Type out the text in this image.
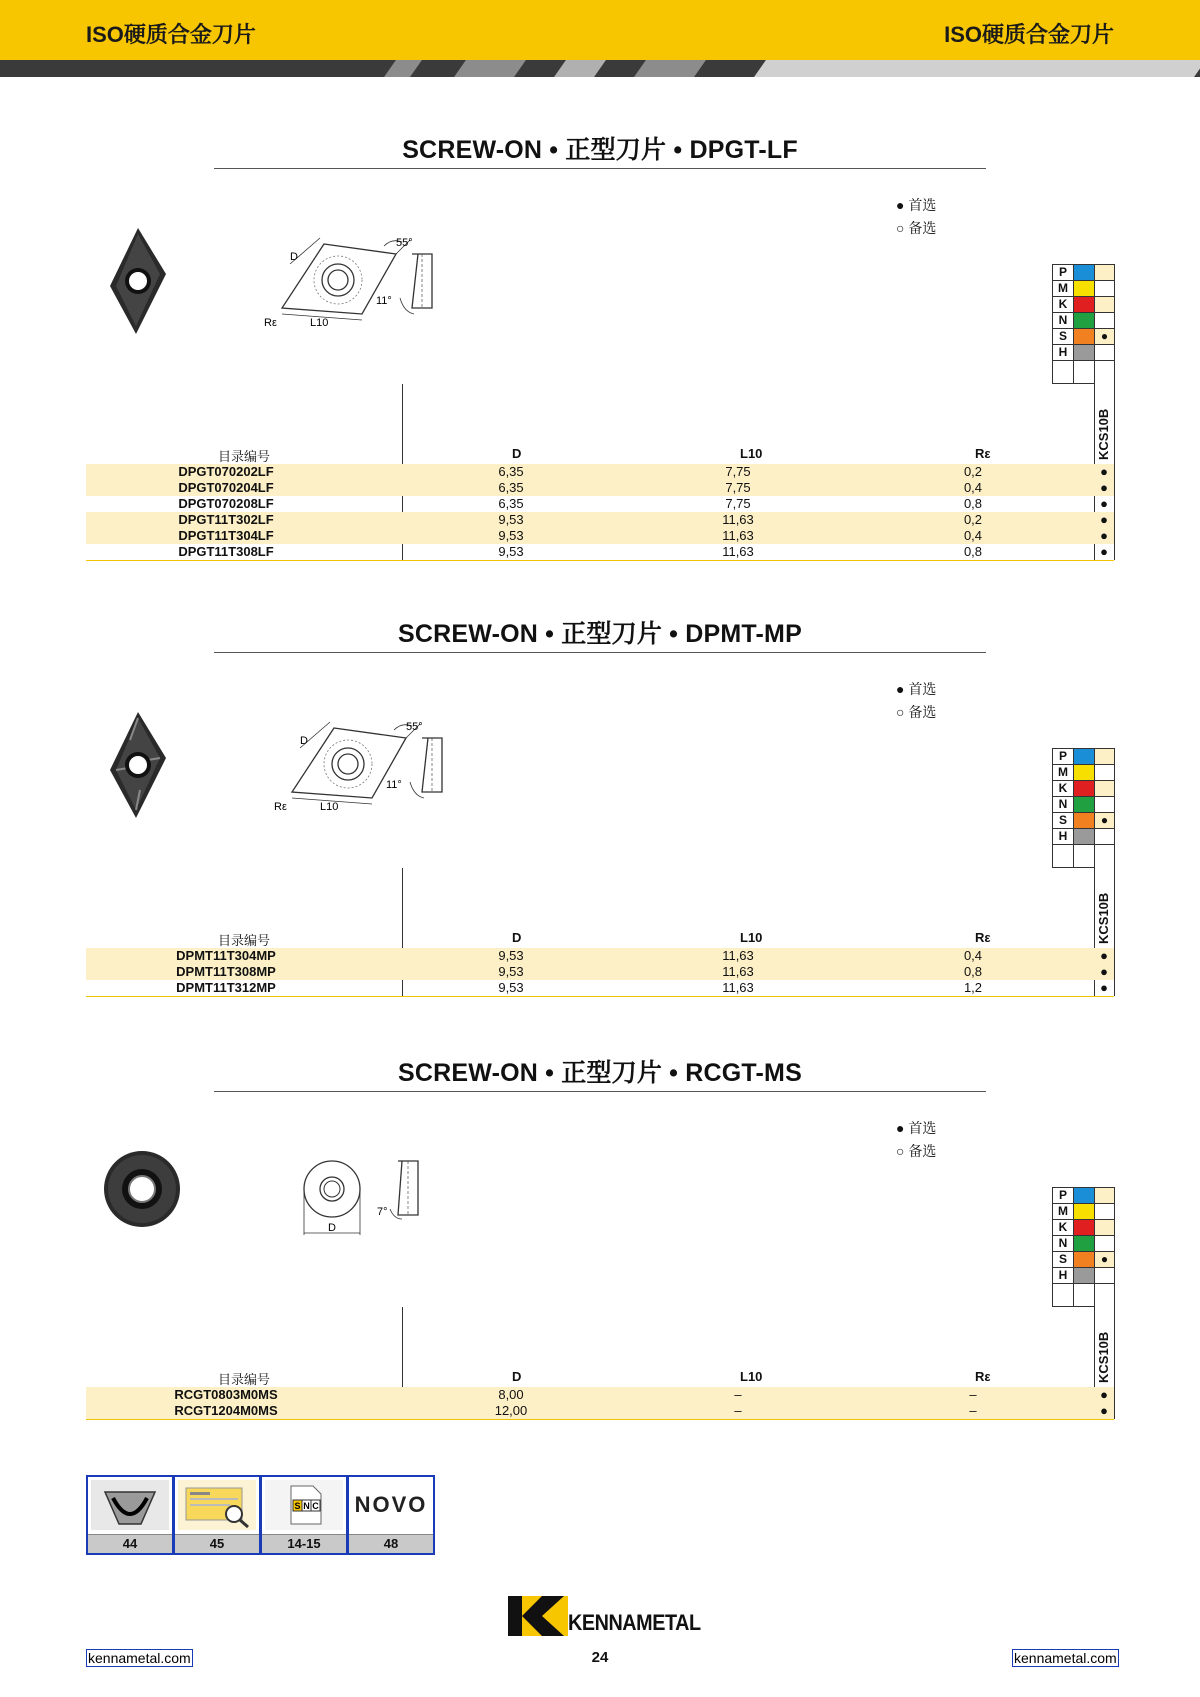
ISO硬质合金刀片	ISO硬质合金刀片
SCREW-ON • 正型刀片 • DPGT-LF
● 首选
○ 备选
D
55°
L10
Rε
11°
P
M
K
N
S	●
H
KCS10B
目录编号	D	L10	Rε
DPGT070202LF	6,35	7,75	0,2	●
DPGT070204LF	6,35	7,75	0,4	●
DPGT070208LF	6,35	7,75	0,8	●
DPGT11T302LF	9,53	11,63	0,2	●
DPGT11T304LF	9,53	11,63	0,4	●
DPGT11T308LF	9,53	11,63	0,8	●
SCREW-ON • 正型刀片 • DPMT-MP
● 首选
○ 备选
D
55°
L10
Rε
11°
P
M
K
N
S	●
H
KCS10B
目录编号	D	L10	Rε
DPMT11T304MP	9,53	11,63	0,4	●
DPMT11T308MP	9,53	11,63	0,8	●
DPMT11T312MP	9,53	11,63	1,2	●
SCREW-ON • 正型刀片 • RCGT-MS
● 首选
○ 备选
D
7°
P
M
K
N
S	●
H
KCS10B
目录编号	D	L10	Rε
RCGT0803M0MS	8,00	–	–	●
RCGT1204M0MS	12,00	–	–	●
44	45
S N C
14-15
NOVO
48
KENNAMETAL
kennametal.com	24	kennametal.com
